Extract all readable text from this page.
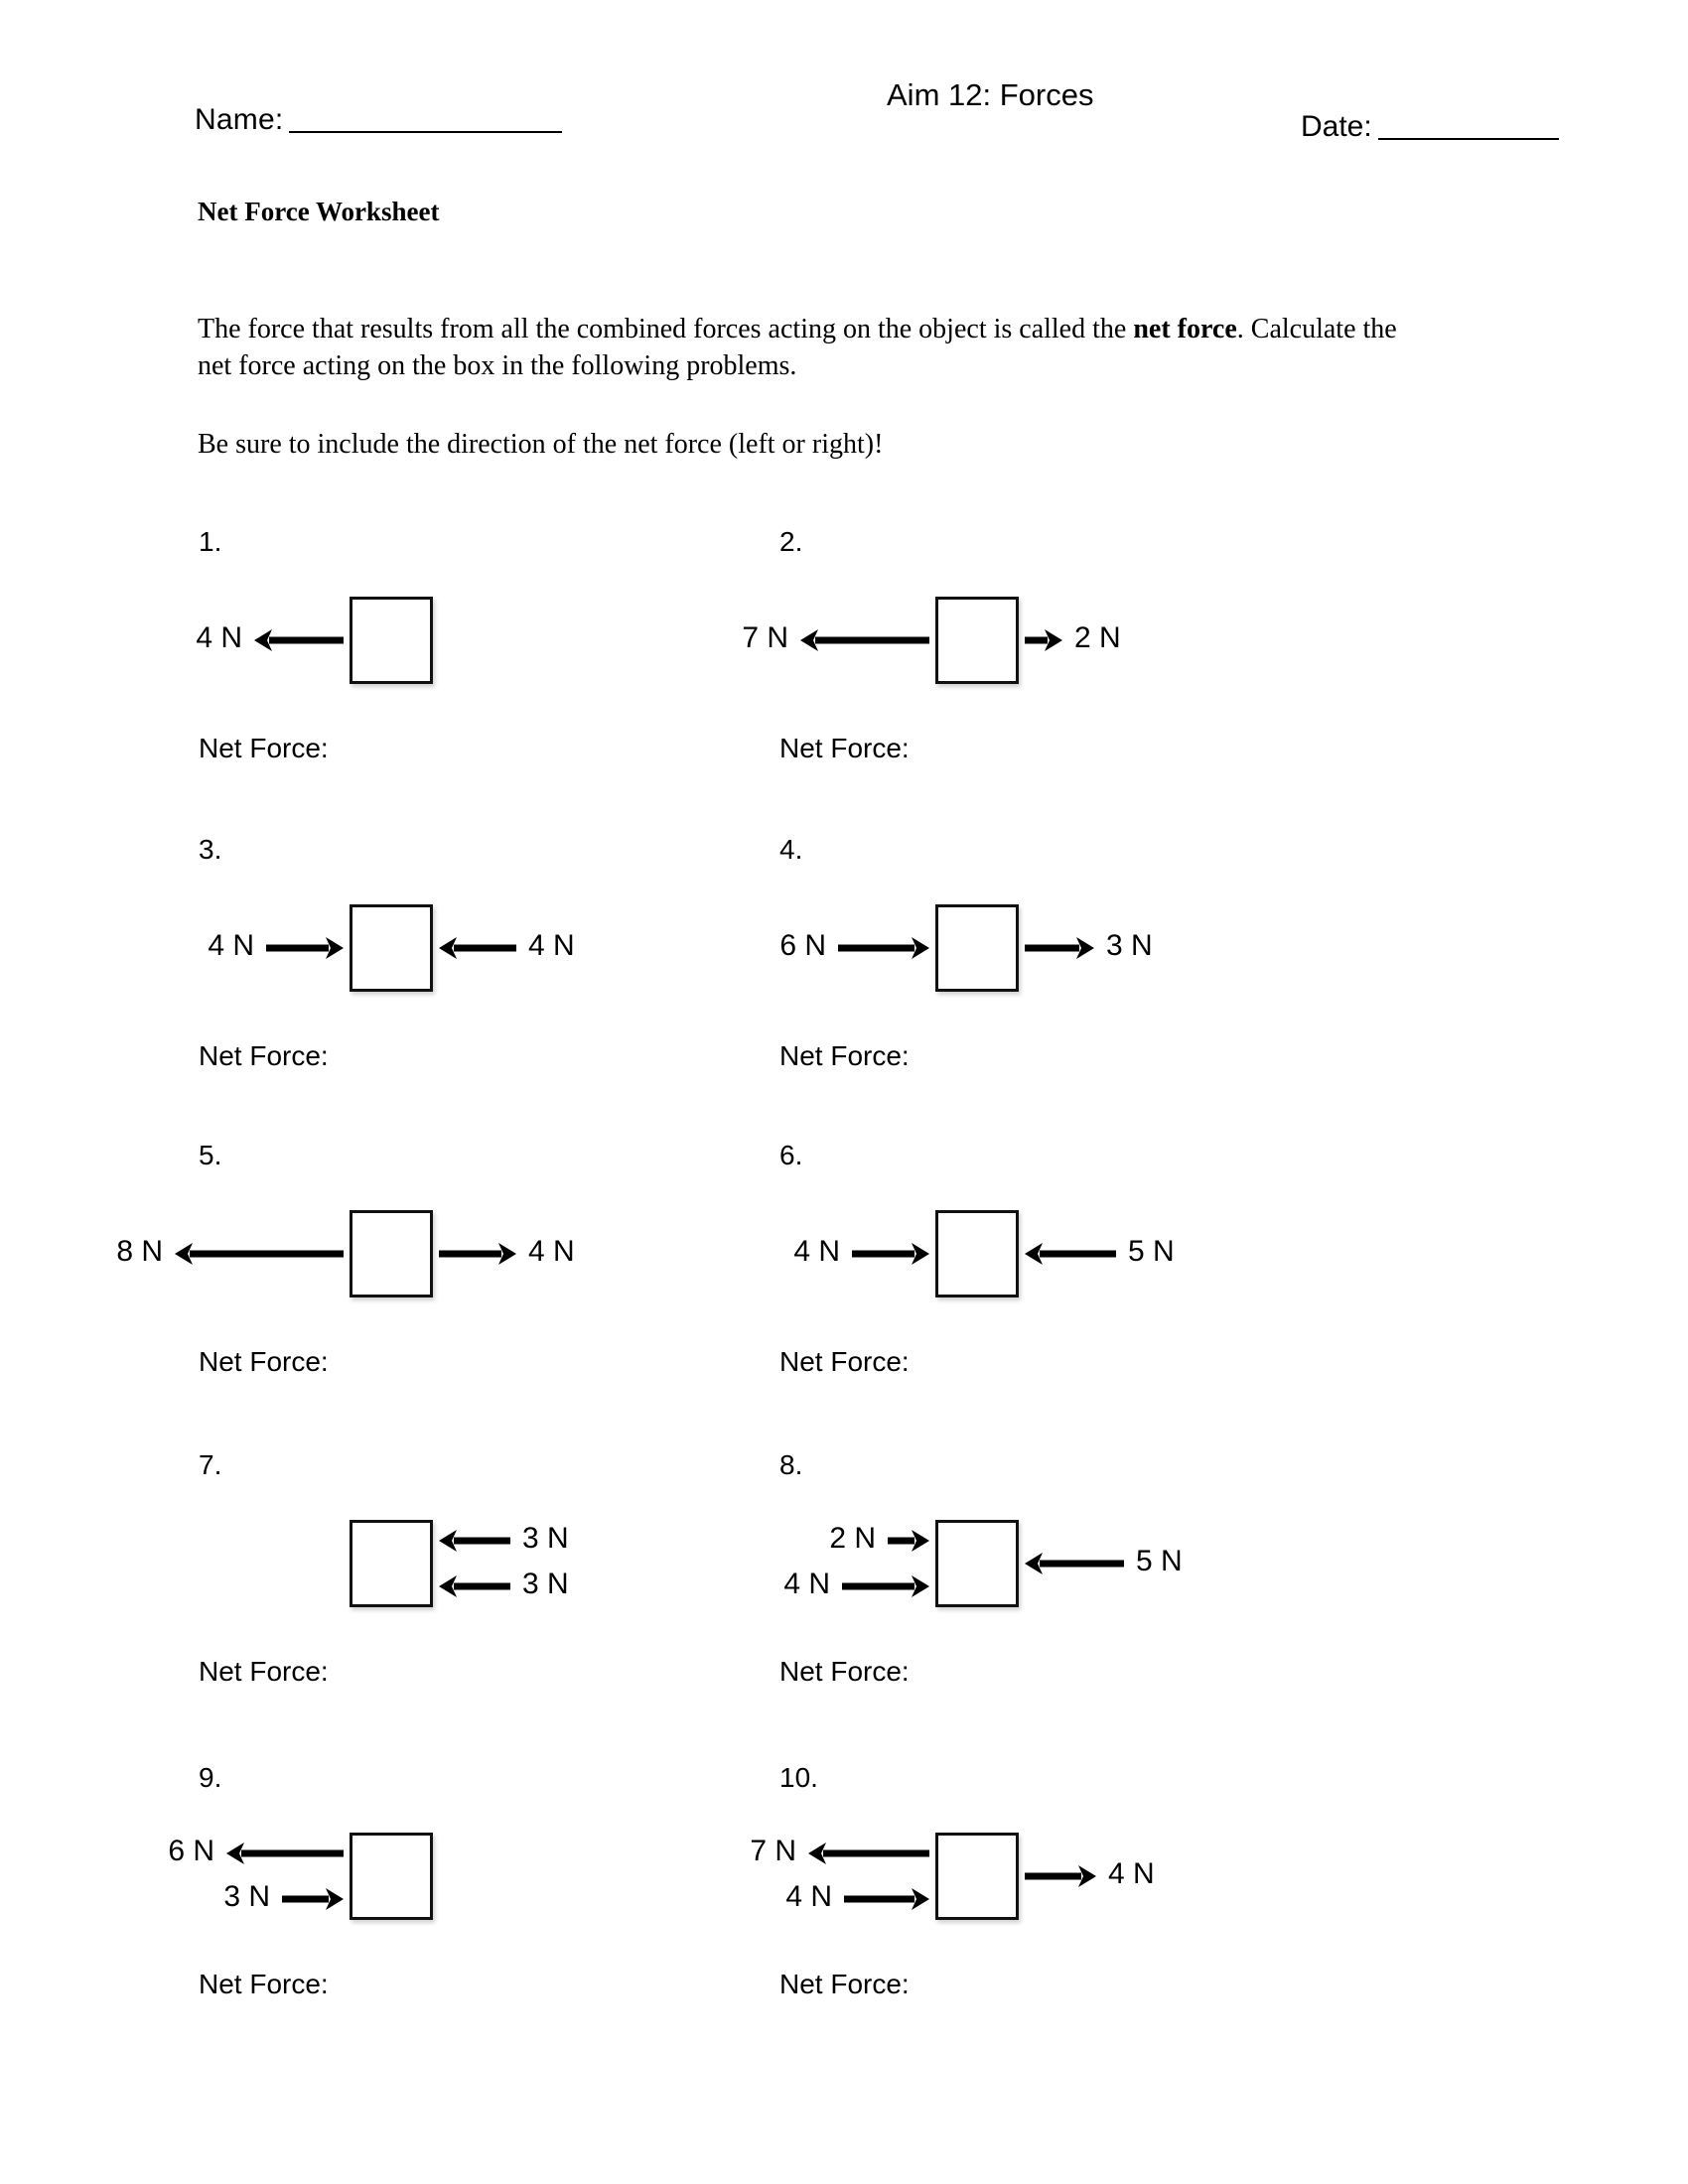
Name:
Aim 12: Forces
Date:
Net Force Worksheet
The force that results from all the combined forces acting on the object is called the net force. Calculate the net force acting on the box in the following problems.
Be sure to include the direction of the net force (left or right)!
1.
4 N
Net Force:
2.
7 N	2 N
Net Force:
3.
4 N	4 N
Net Force:
4.
6 N	3 N
Net Force:
5.
8 N	4 N
Net Force:
6.
4 N	5 N
Net Force:
7.
3 N
3 N
Net Force:
8.
2 N
4 N
5 N
Net Force:
9.
6 N
3 N
Net Force:
10.
7 N
4 N
4 N
Net Force:
